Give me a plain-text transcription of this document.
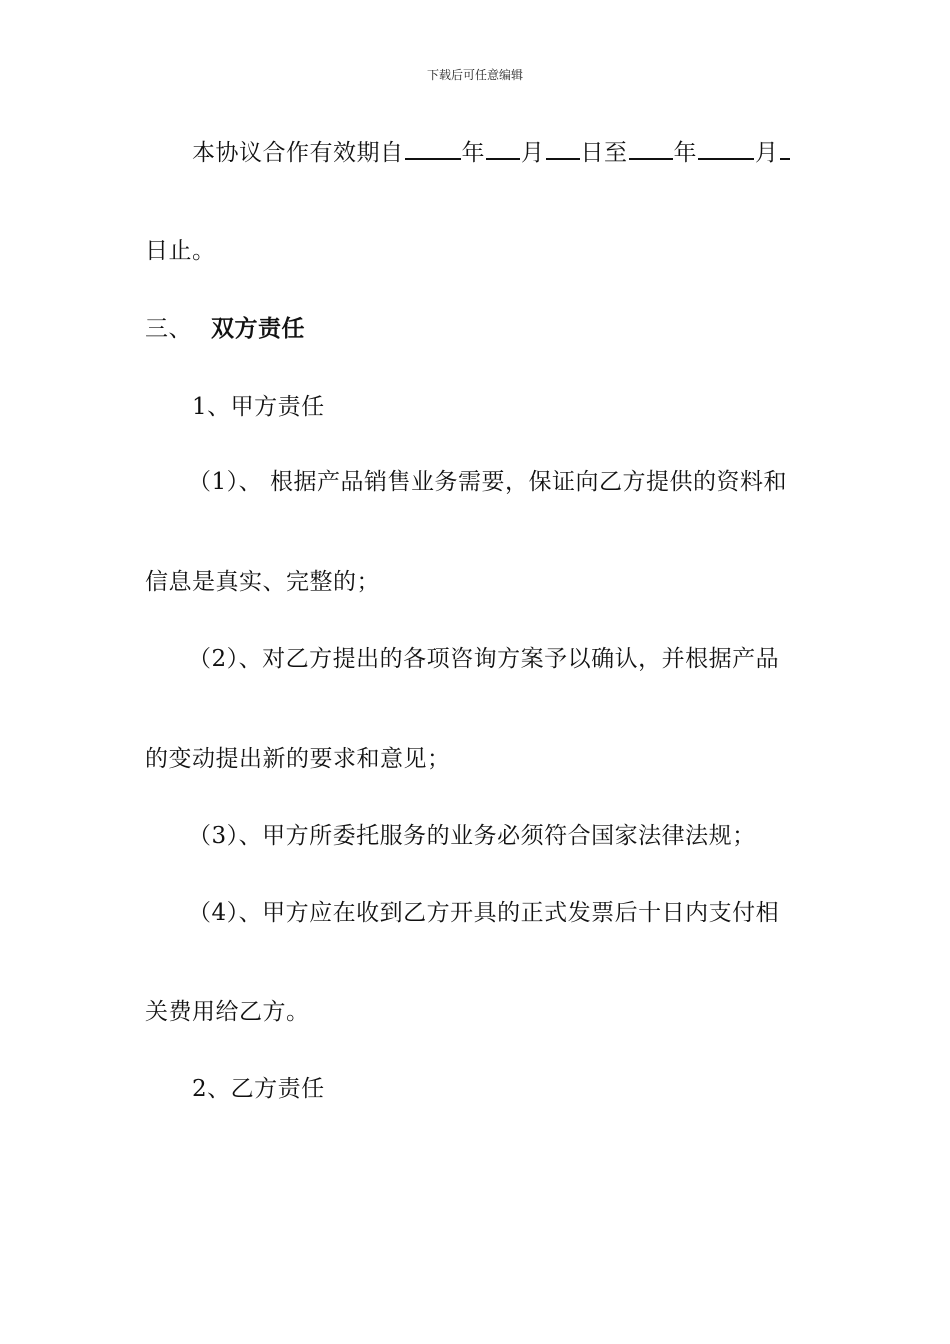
下载后可任意编辑
本协议合作有效期自	年 月 日至 年	月
日止。
三、 双方责任
1、甲方责任
（1）、 根据产品销售业务需要，保证向乙方提供的资料和
信息是真实、完整的；
（2）、对乙方提出的各项咨询方案予以确认，并根据产品
的变动提出新的要求和意见；
（3）、甲方所委托服务的业务必须符合国家法律法规；
（4）、甲方应在收到乙方开具的正式发票后十日内支付相
关费用给乙方。
2、乙方责任
